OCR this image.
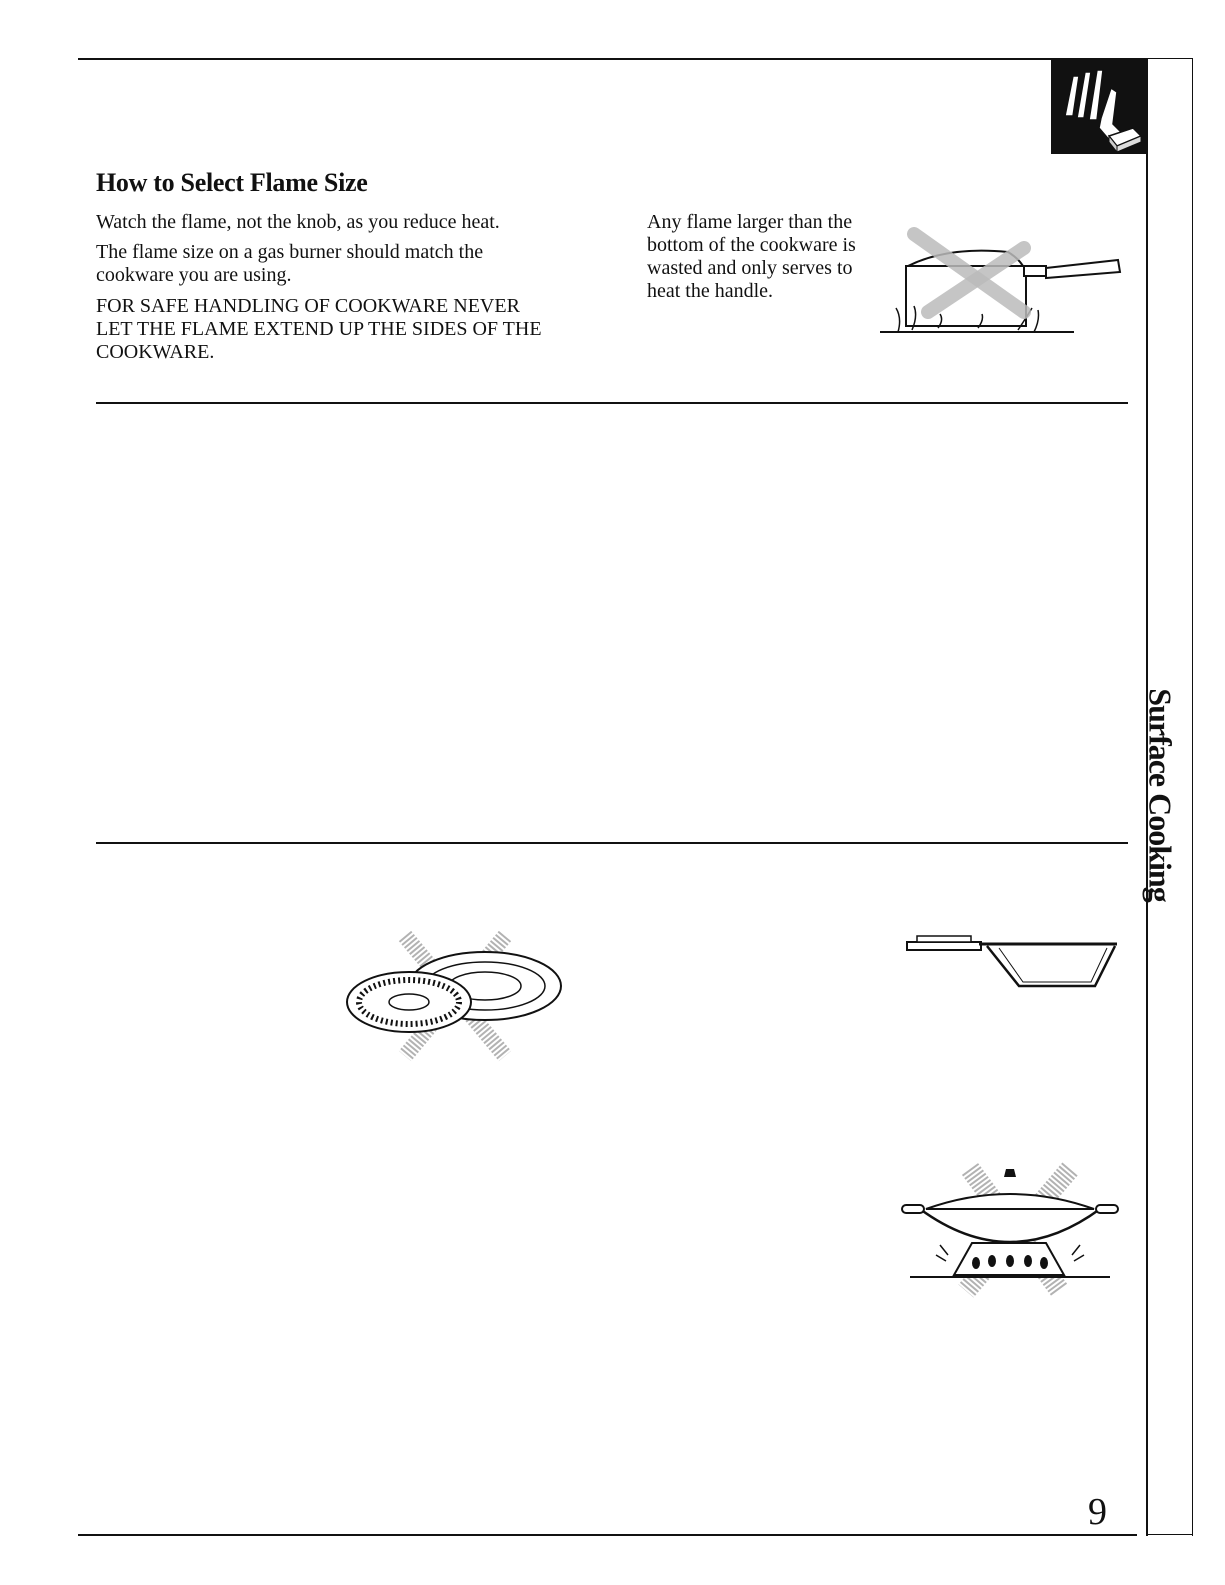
How to Select Flame Size

Watch the flame, not the knob, as you reduce heat.

The flame size on a gas burner should match the cookware you are using.

FOR SAFE HANDLING OF COOKWARE NEVER LET THE FLAME EXTEND UP THE SIDES OF THE COOKWARE.

Any flame larger than the bottom of the cookware is wasted and only serves to heat the handle.

Surface Cooking
9
